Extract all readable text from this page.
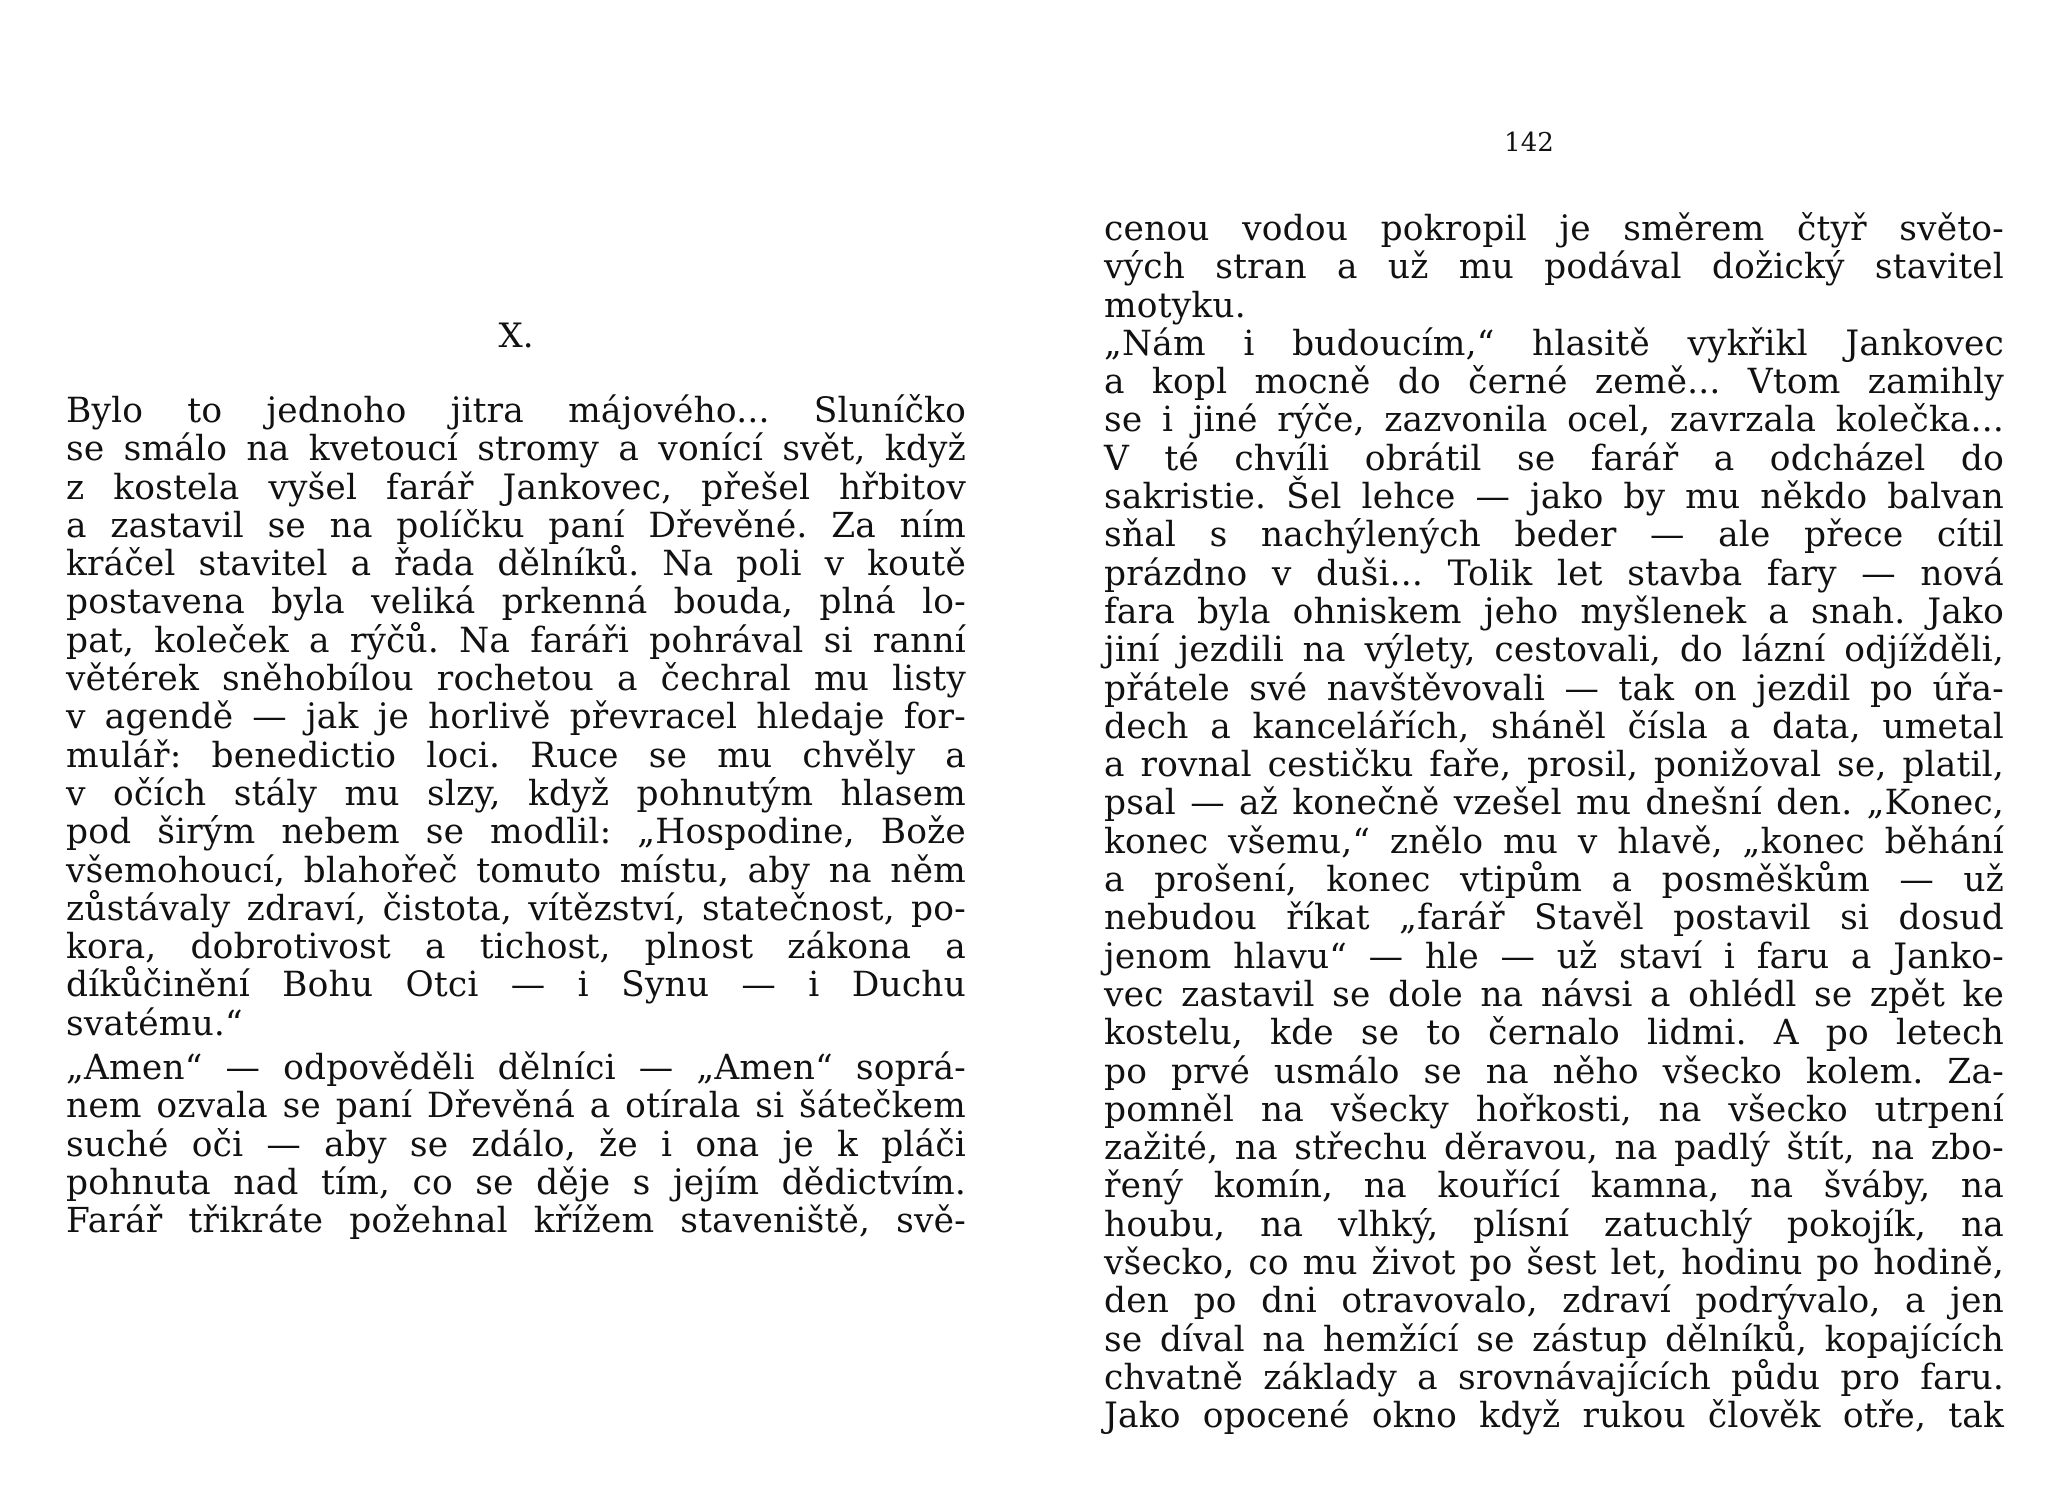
X.
Bylo to jednoho jitra májového... Sluníčko
se smálo na kvetoucí stromy a vonící svět, když
z kostela vyšel farář Jankovec, přešel hřbitov
a zastavil se na políčku paní Dřevěné. Za ním
kráčel stavitel a řada dělníků. Na poli v koutě
postavena byla veliká prkenná bouda, plná lo-
pat, koleček a rýčů. Na faráři pohrával si ranní
větérek sněhobílou rochetou a čechral mu listy
v agendě — jak je horlivě převracel hledaje for-
mulář: benedictio loci. Ruce se mu chvěly a
v očích stály mu slzy, když pohnutým hlasem
pod širým nebem se modlil: „Hospodine, Bože
všemohoucí, blahořeč tomuto místu, aby na něm
zůstávaly zdraví, čistota, vítězství, statečnost, po-
kora, dobrotivost a tichost, plnost zákona a
díkůčinění Bohu Otci — i Synu — i Duchu
svatému.“
„Amen“ — odpověděli dělníci — „Amen“ soprá-
nem ozvala se paní Dřevěná a otírala si šátečkem
suché oči — aby se zdálo, že i ona je k pláči
pohnuta nad tím, co se děje s jejím dědictvím.
Farář třikráte požehnal křížem staveniště, svě-
142
cenou vodou pokropil je směrem čtyř světo-
vých stran a už mu podával dožický stavitel
motyku.
„Nám i budoucím,“ hlasitě vykřikl Jankovec
a kopl mocně do černé země... Vtom zamihly
se i jiné rýče, zazvonila ocel, zavrzala kolečka...
V té chvíli obrátil se farář a odcházel do
sakristie. Šel lehce — jako by mu někdo balvan
sňal s nachýlených beder — ale přece cítil
prázdno v duši... Tolik let stavba fary — nová
fara byla ohniskem jeho myšlenek a snah. Jako
jiní jezdili na výlety, cestovali, do lázní odjížděli,
přátele své navštěvovali — tak on jezdil po úřa-
dech a kancelářích, sháněl čísla a data, umetal
a rovnal cestičku faře, prosil, ponižoval se, platil,
psal — až konečně vzešel mu dnešní den. „Konec,
konec všemu,“ znělo mu v hlavě, „konec běhání
a prošení, konec vtipům a posměškům — už
nebudou říkat „farář Stavěl postavil si dosud
jenom hlavu“ — hle — už staví i faru a Janko-
vec zastavil se dole na návsi a ohlédl se zpět ke
kostelu, kde se to černalo lidmi. A po letech
po prvé usmálo se na něho všecko kolem. Za-
pomněl na všecky hořkosti, na všecko utrpení
zažité, na střechu děravou, na padlý štít, na zbo-
řený komín, na kouřící kamna, na šváby, na
houbu, na vlhký, plísní zatuchlý pokojík, na
všecko, co mu život po šest let, hodinu po hodině,
den po dni otravovalo, zdraví podrývalo, a jen
se díval na hemžící se zástup dělníků, kopajících
chvatně základy a srovnávajících půdu pro faru.
Jako opocené okno když rukou člověk otře, tak
